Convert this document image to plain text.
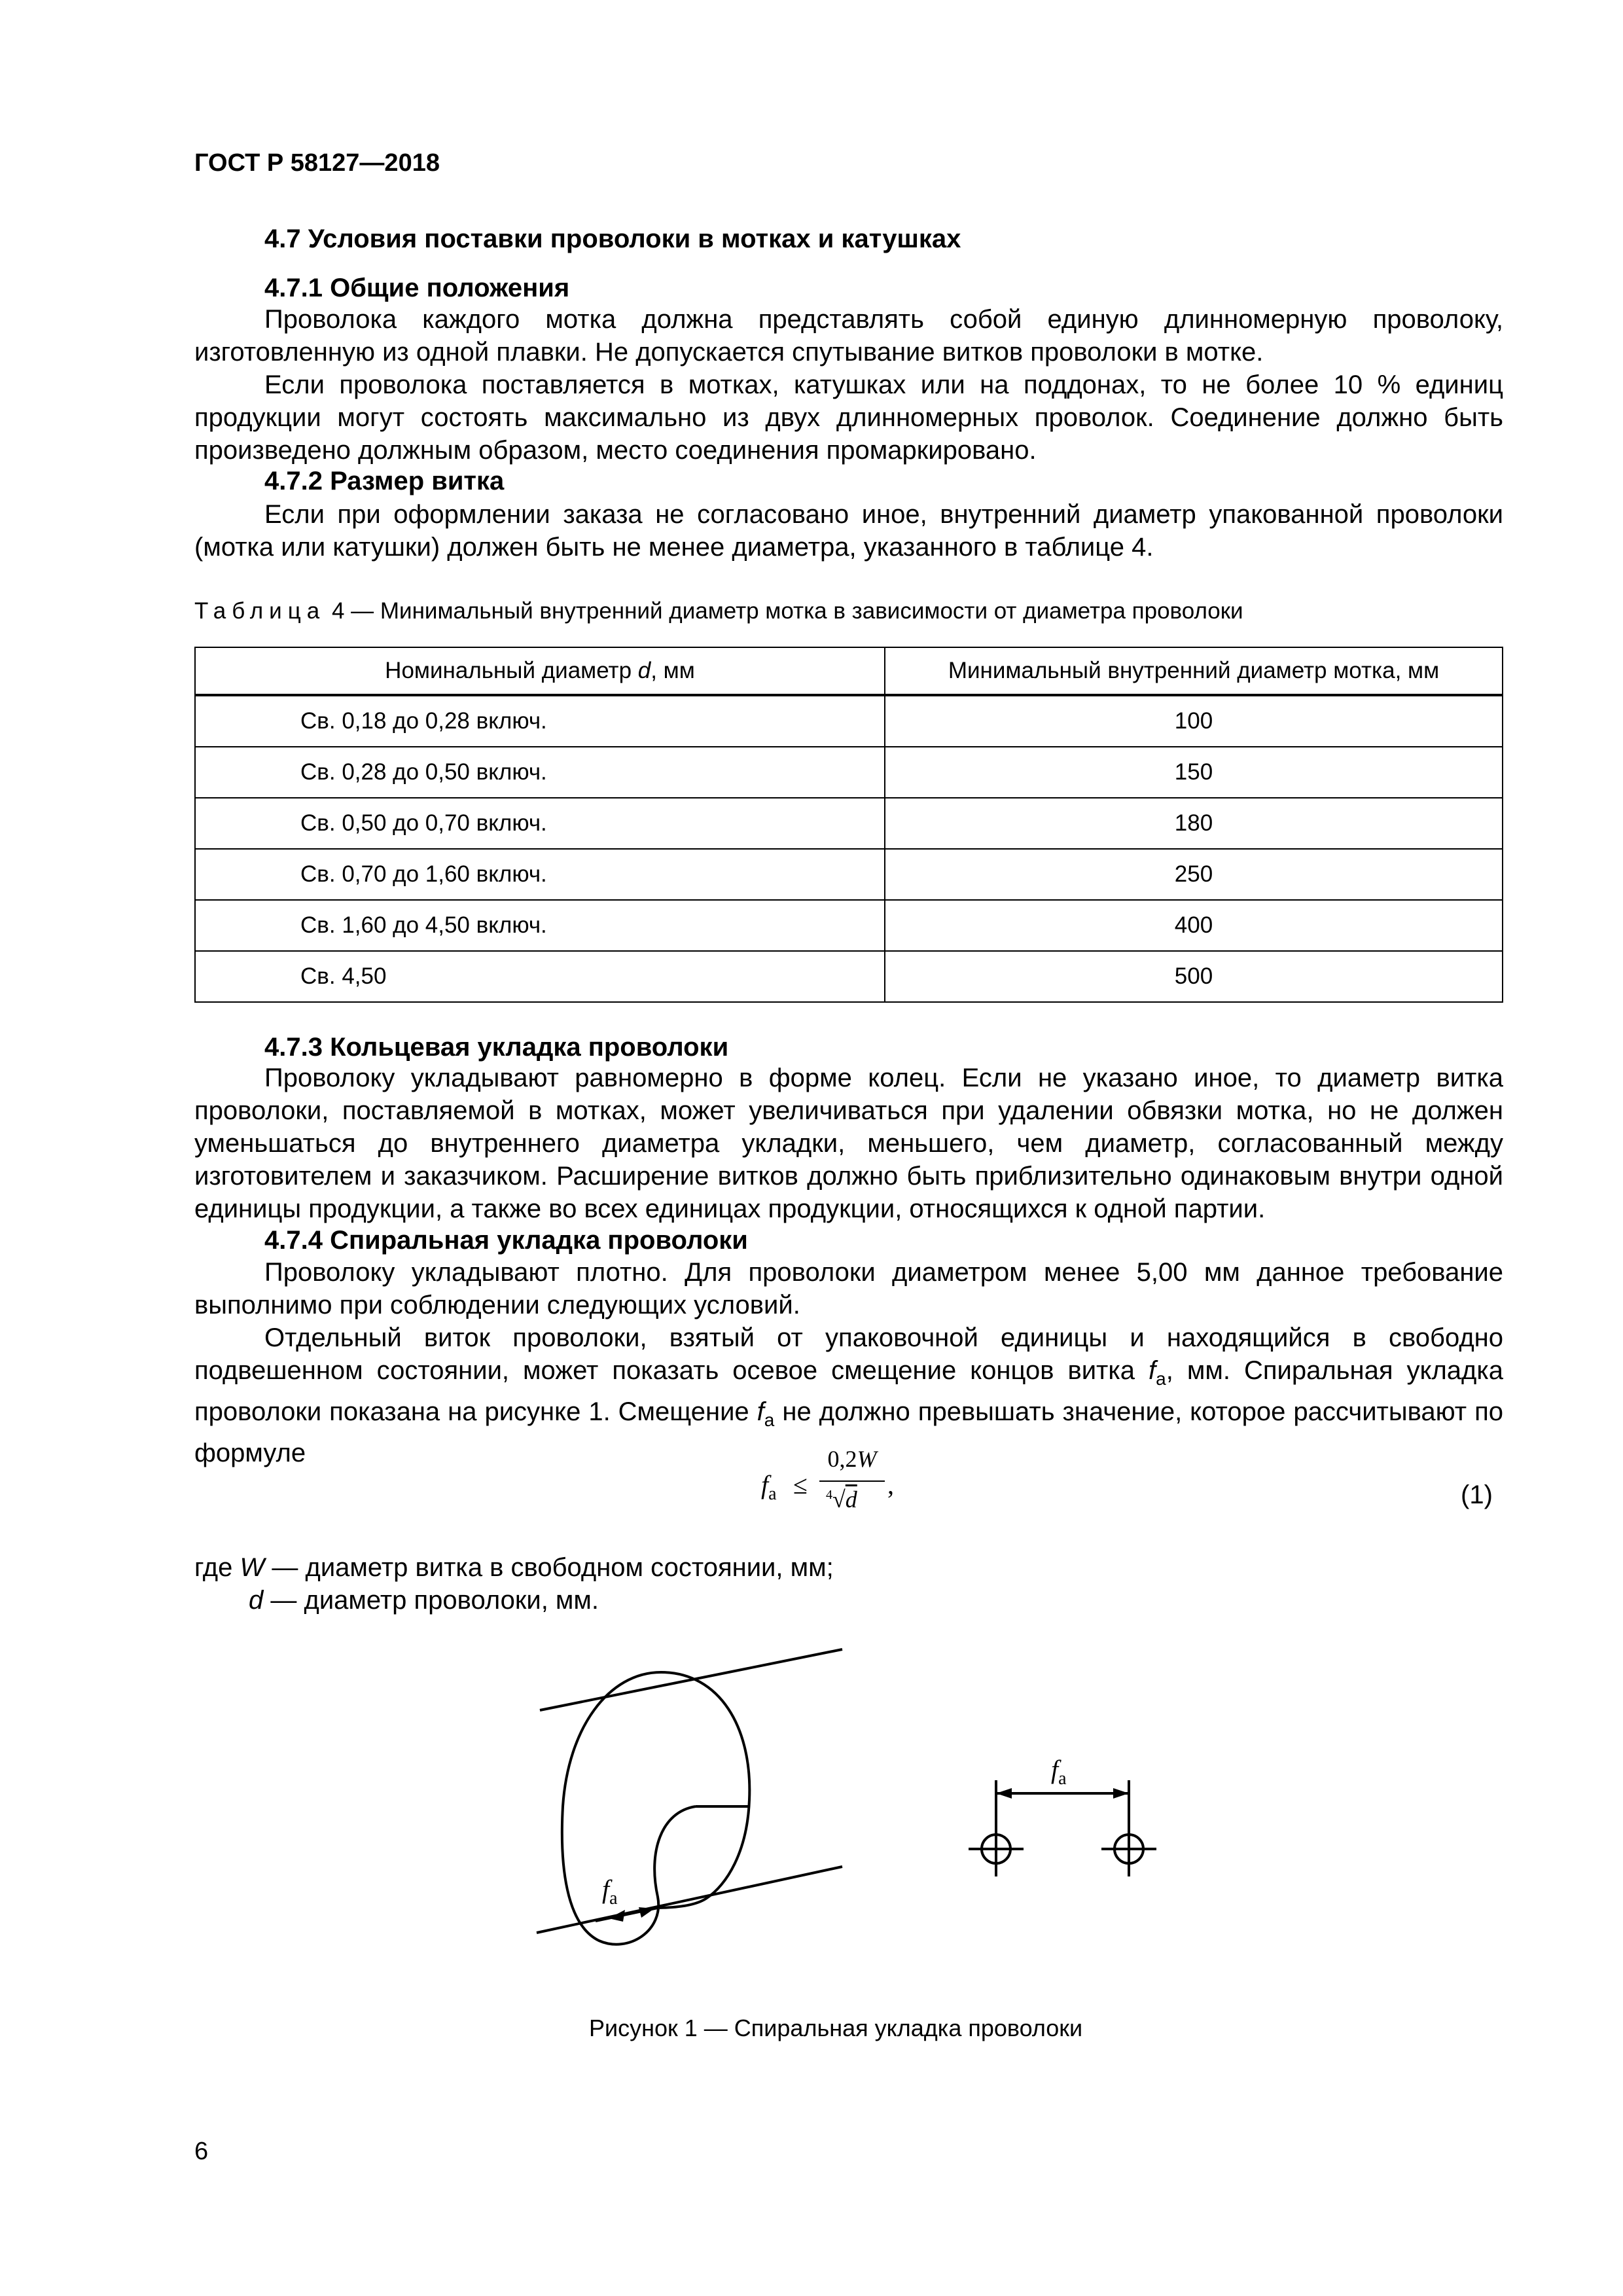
ГОСТ Р 58127—2018
4.7 Условия поставки проволоки в мотках и катушках
4.7.1 Общие положения
Проволока каждого мотка должна представлять собой единую длинномерную проволоку, изготовленную из одной плавки. Не допускается спутывание витков проволоки в мотке.
Если проволока поставляется в мотках, катушках или на поддонах, то не более 10 % единиц продукции могут состоять максимально из двух длинномерных проволок. Соединение должно быть произведено должным образом, место соединения промаркировано.
4.7.2 Размер витка
Если при оформлении заказа не согласовано иное, внутренний диаметр упакованной проволоки (мотка или катушки) должен быть не менее диаметра, указанного в таблице 4.
Таблица 4 — Минимальный внутренний диаметр мотка в зависимости от диаметра проволоки
Номинальный диаметр d, мм	Минимальный внутренний диаметр мотка, мм
Св. 0,18 до 0,28 включ.	100
Св. 0,28 до 0,50 включ.	150
Св. 0,50 до 0,70 включ.	180
Св. 0,70 до 1,60 включ.	250
Св. 1,60 до 4,50 включ.	400
Св. 4,50	500
4.7.3 Кольцевая укладка проволоки
Проволоку укладывают равномерно в форме колец. Если не указано иное, то диаметр витка проволоки, поставляемой в мотках, может увеличиваться при удалении обвязки мотка, но не должен уменьшаться до внутреннего диаметра укладки, меньшего, чем диаметр, согласованный между изготовителем и заказчиком. Расширение витков должно быть приблизительно одинаковым внутри одной единицы продукции, а также во всех единицах продукции, относящихся к одной партии.
4.7.4 Спиральная укладка проволоки
Проволоку укладывают плотно. Для проволоки диаметром менее 5,00 мм данное требование выполнимо при соблюдении следующих условий.
Отдельный виток проволоки, взятый от упаковочной единицы и находящийся в свободно подвешенном состоянии, может показать осевое смещение концов витка $f_a$, мм. Спиральная укладка проволоки показана на рисунке 1. Смещение $f_a$ не должно превышать значение, которое рассчитывают по формуле
$f_a$ ≤
0,2W
$^4$√d ,	(1)
где W — диаметр витка в свободном состоянии, мм;
d — диаметр проволоки, мм.
$f_a$
$f_a$
Рисунок 1 — Спиральная укладка проволоки
6
